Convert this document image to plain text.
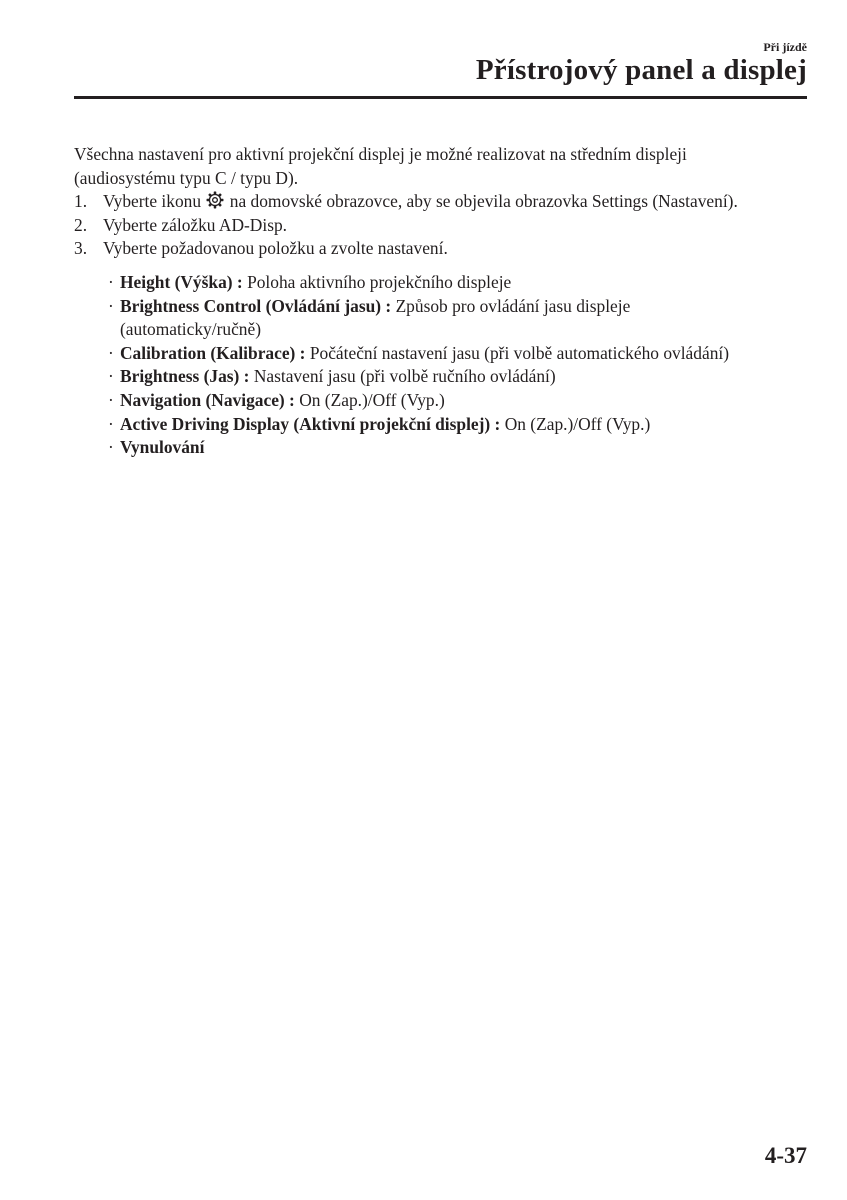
Při jízdě
Přístrojový panel a displej

Všechna nastavení pro aktivní projekční displej je možné realizovat na středním displeji (audiosystému typu C / typu D).

1. Vyberte ikonu na domovské obrazovce, aby se objevila obrazovka Settings (Nastavení).
2. Vyberte záložku AD-Disp.
3. Vyberte požadovanou položku a zvolte nastavení.
· Height (Výška) : Poloha aktivního projekčního displeje
· Brightness Control (Ovládání jasu) : Způsob pro ovládání jasu displeje (automaticky/ručně)
· Calibration (Kalibrace) : Počáteční nastavení jasu (při volbě automatického ovládání)
· Brightness (Jas) : Nastavení jasu (při volbě ručního ovládání)
· Navigation (Navigace) : On (Zap.)/Off (Vyp.)
· Active Driving Display (Aktivní projekční displej) : On (Zap.)/Off (Vyp.)
· Vynulování
4-37
